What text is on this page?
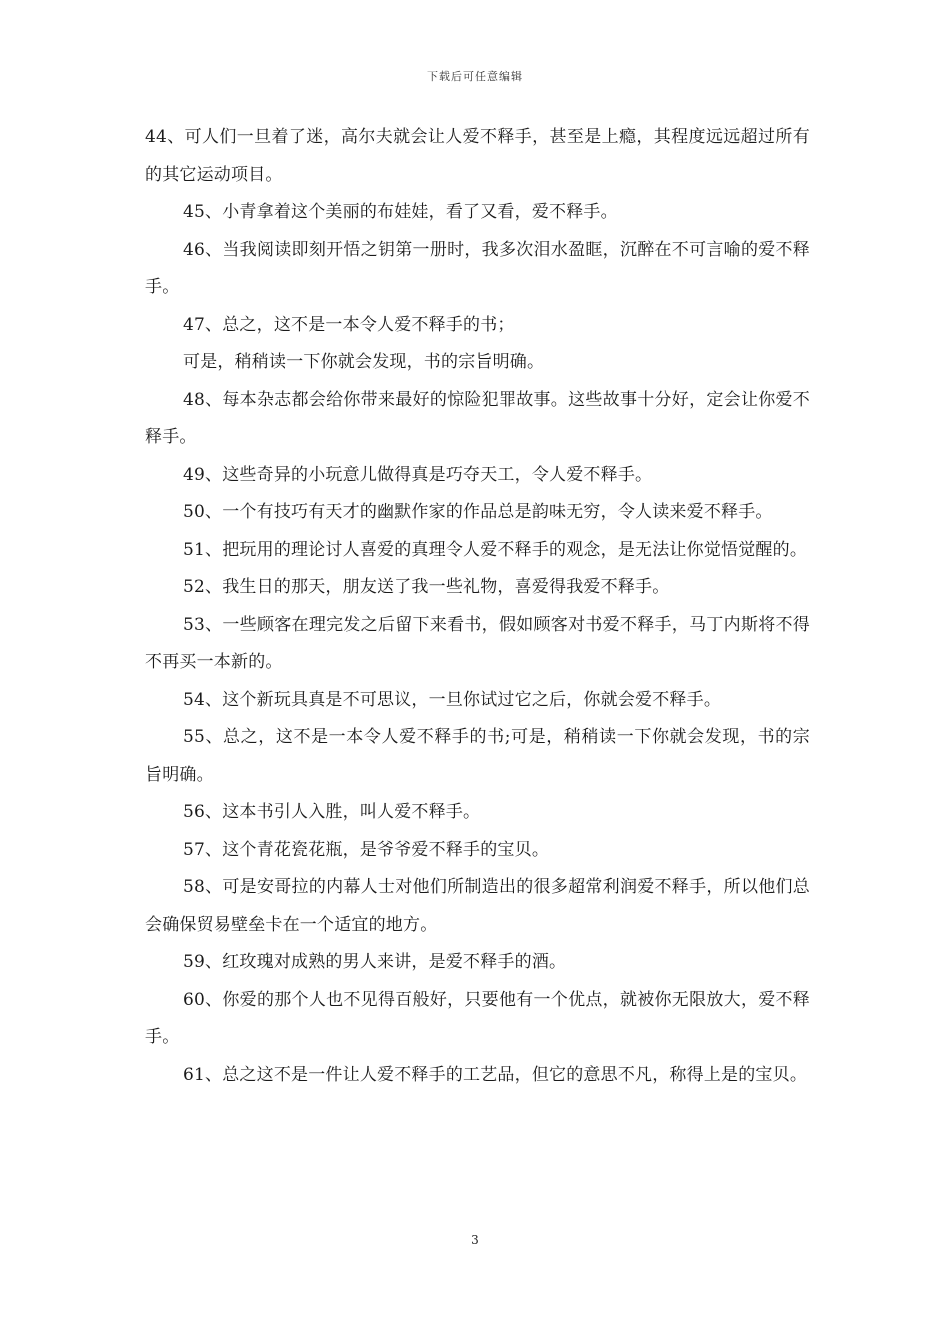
下载后可任意编辑

44、可人们一旦着了迷，高尔夫就会让人爱不释手，甚至是上瘾，其程度远远超过所有的其它运动项目。

45、小青拿着这个美丽的布娃娃，看了又看，爱不释手。

46、当我阅读即刻开悟之钥第一册时，我多次泪水盈眶，沉醉在不可言喻的爱不释手。

47、总之，这不是一本令人爱不释手的书；

可是，稍稍读一下你就会发现，书的宗旨明确。

48、每本杂志都会给你带来最好的惊险犯罪故事。这些故事十分好，定会让你爱不释手。

49、这些奇异的小玩意儿做得真是巧夺天工，令人爱不释手。

50、一个有技巧有天才的幽默作家的作品总是韵味无穷，令人读来爱不释手。

51、把玩用的理论讨人喜爱的真理令人爱不释手的观念，是无法让你觉悟觉醒的。

52、我生日的那天，朋友送了我一些礼物，喜爱得我爱不释手。

53、一些顾客在理完发之后留下来看书，假如顾客对书爱不释手，马丁内斯将不得不再买一本新的。

54、这个新玩具真是不可思议，一旦你试过它之后，你就会爱不释手。

55、总之，这不是一本令人爱不释手的书;可是，稍稍读一下你就会发现，书的宗旨明确。

56、这本书引人入胜，叫人爱不释手。

57、这个青花瓷花瓶，是爷爷爱不释手的宝贝。

58、可是安哥拉的内幕人士对他们所制造出的很多超常利润爱不释手，所以他们总会确保贸易壁垒卡在一个适宜的地方。

59、红玫瑰对成熟的男人来讲，是爱不释手的酒。

60、你爱的那个人也不见得百般好，只要他有一个优点，就被你无限放大，爱不释手。

61、总之这不是一件让人爱不释手的工艺品，但它的意思不凡，称得上是的宝贝。

3
